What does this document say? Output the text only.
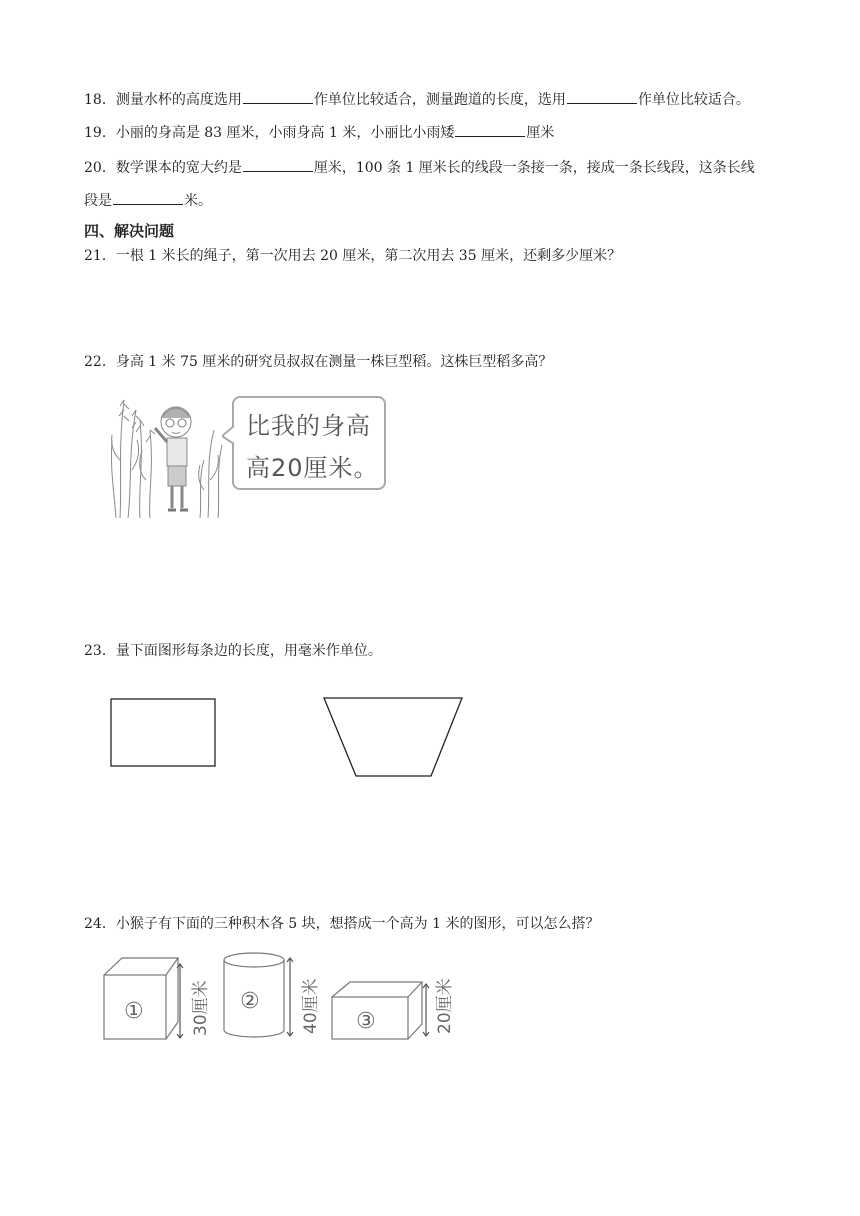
18．测量水杯的高度选用	作单位比较适合，测量跑道的长度，选用	作单位比较适合。
19．小丽的身高是 83 厘米，小雨身高 1 米，小丽比小雨矮	厘米
20．数学课本的宽大约是	厘米，100 条 1 厘米长的线段一条接一条，接成一条长线段，这条长线
段是	米。
四、解决问题
21．一根 1 米长的绳子，第一次用去 20 厘米，第二次用去 35 厘米，还剩多少厘米？
22．身高 1 米 75 厘米的研究员叔叔在测量一株巨型稻。这株巨型稻多高？
比我的身高
高20厘米。
23．量下面图形每条边的长度，用毫米作单位。
24．小猴子有下面的三种积木各 5 块，想搭成一个高为 1 米的图形，可以怎么搭？
①	②
③
30厘米	40厘米	20厘米
